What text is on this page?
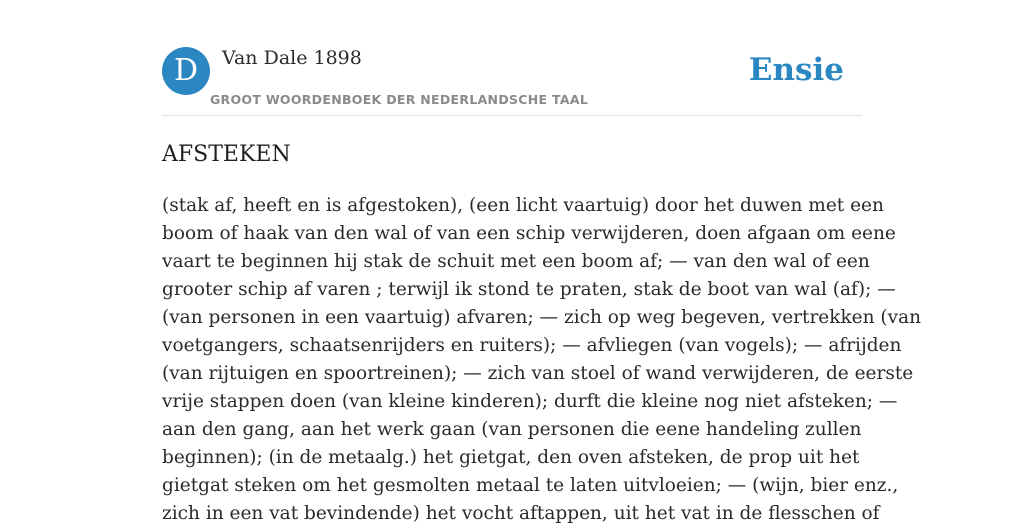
D	Van Dale 1898
GROOT WOORDENBOEK DER NEDERLANDSCHE TAAL
Ensie
AFSTEKEN
(stak af, heeft en is afgestoken), (een licht vaartuig) door het duwen met een
boom of haak van den wal of van een schip verwijderen, doen afgaan om eene
vaart te beginnen hij stak de schuit met een boom af; — van den wal of een
grooter schip af varen ; terwijl ik stond te praten, stak de boot van wal (af); —
(van personen in een vaartuig) afvaren; — zich op weg begeven, vertrekken (van
voetgangers, schaatsenrijders en ruiters); — afvliegen (van vogels); — afrijden
(van rijtuigen en spoortreinen); — zich van stoel of wand verwijderen, de eerste
vrije stappen doen (van kleine kinderen); durft die kleine nog niet afsteken; —
aan den gang, aan het werk gaan (van personen die eene handeling zullen
beginnen); (in de metaalg.) het gietgat, den oven afsteken, de prop uit het
gietgat steken om het gesmolten metaal te laten uitvloeien; — (wijn, bier enz.,
zich in een vat bevindende) het vocht aftappen, uit het vat in de flesschen of
